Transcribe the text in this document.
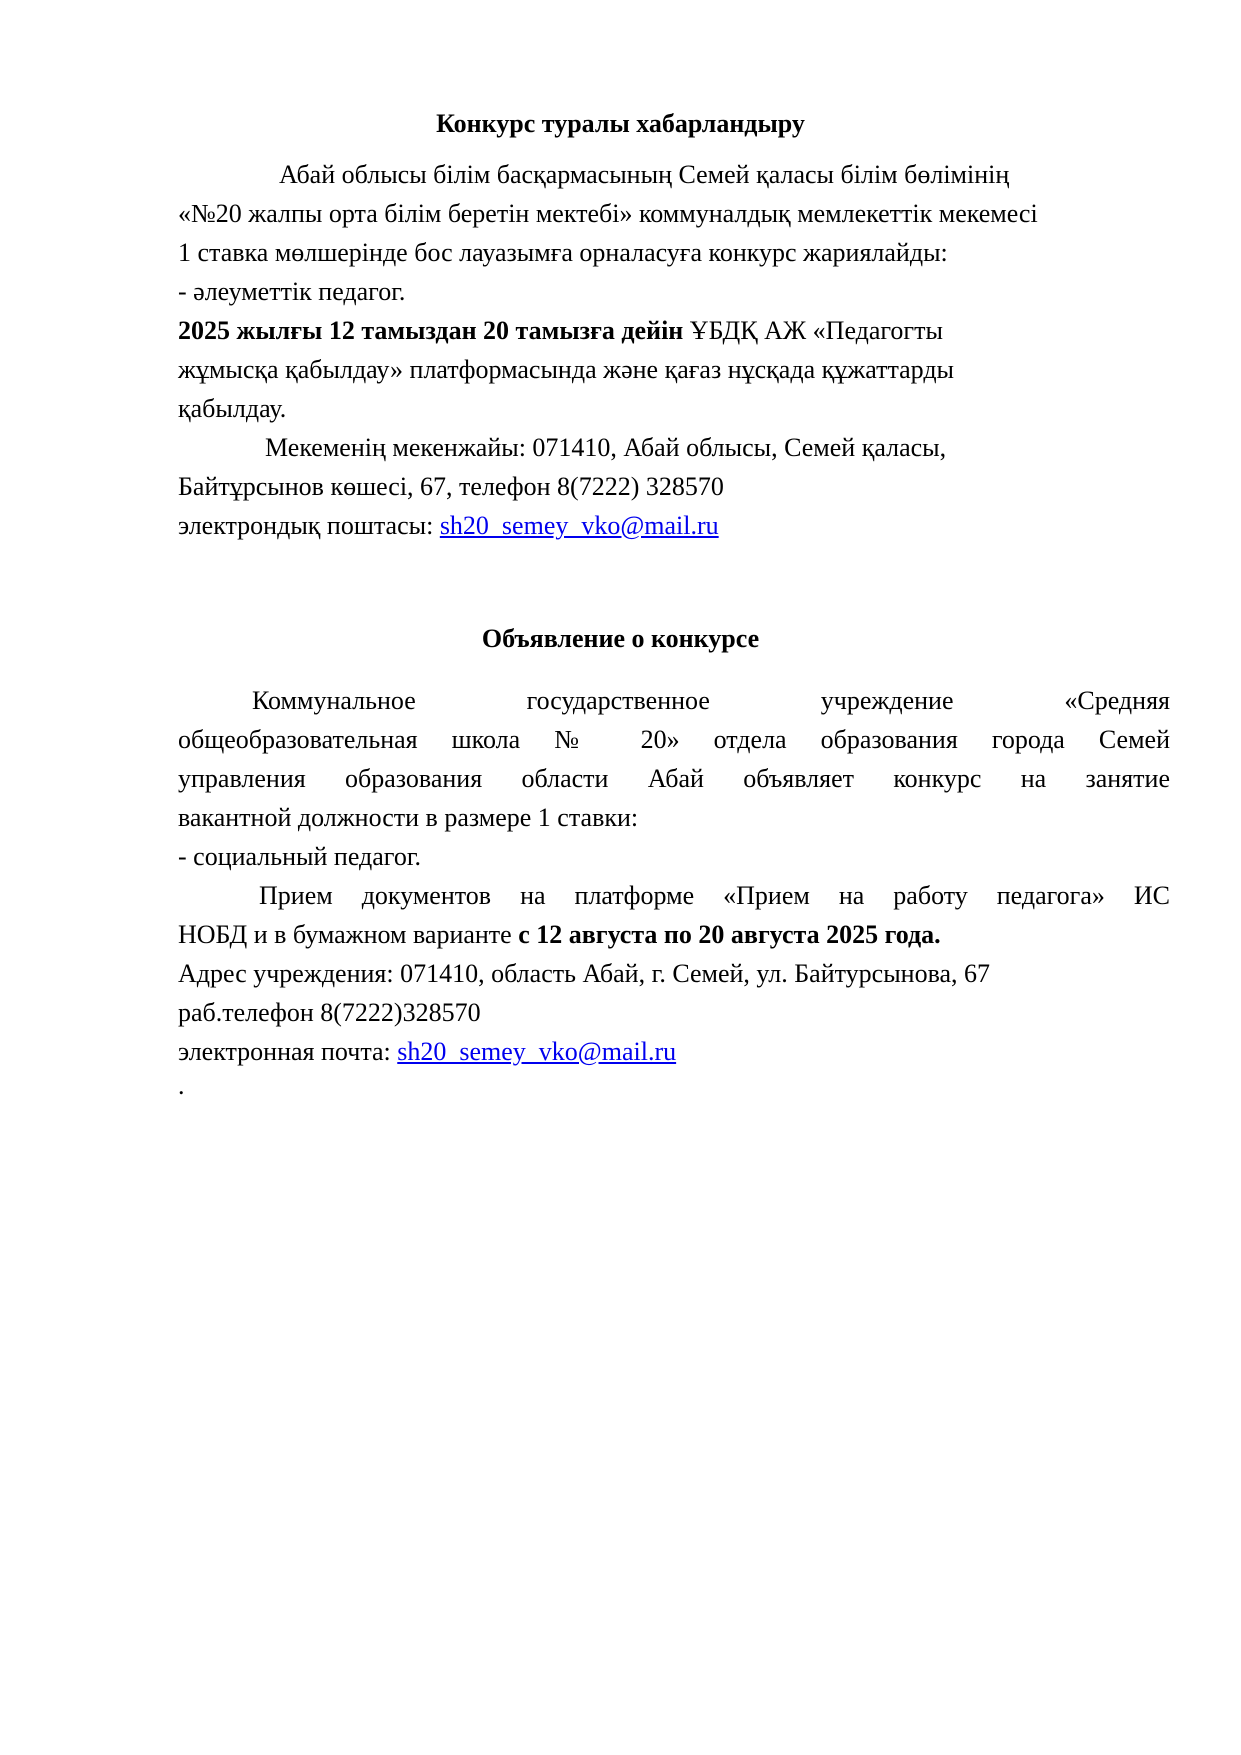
Конкурс туралы хабарландыру
Абай облысы білім басқармасының Семей қаласы білім бөлімінің
«№20 жалпы орта білім беретін мектебі» коммуналдық мемлекеттік мекемесі
1 ставка мөлшерінде бос лауазымға орналасуға конкурс жариялайды:
- әлеуметтік педагог.
2025 жылғы 12 тамыздан 20 тамызға дейін ҰБДҚ АЖ «Педагогты
жұмысқа қабылдау» платформасында және қағаз нұсқада құжаттарды
қабылдау.
Мекеменің мекенжайы: 071410, Абай облысы, Семей қаласы,
Байтұрсынов көшесі, 67, телефон 8(7222) 328570
электрондық поштасы: sh20_semey_vko@mail.ru
Объявление о конкурсе
Коммунальное государственное учреждение «Средняя
общеобразовательная школа № 20» отдела образования города Семей
управления образования области Абай объявляет конкурс на занятие
вакантной должности в размере 1 ставки:
- социальный педагог.
Прием документов на платформе «Прием на работу педагога» ИС
НОБД и в бумажном варианте с 12 августа по 20 августа 2025 года.
Адрес учреждения: 071410, область Абай, г. Семей, ул. Байтурсынова, 67
раб.телефон 8(7222)328570
электронная почта: sh20_semey_vko@mail.ru
.
